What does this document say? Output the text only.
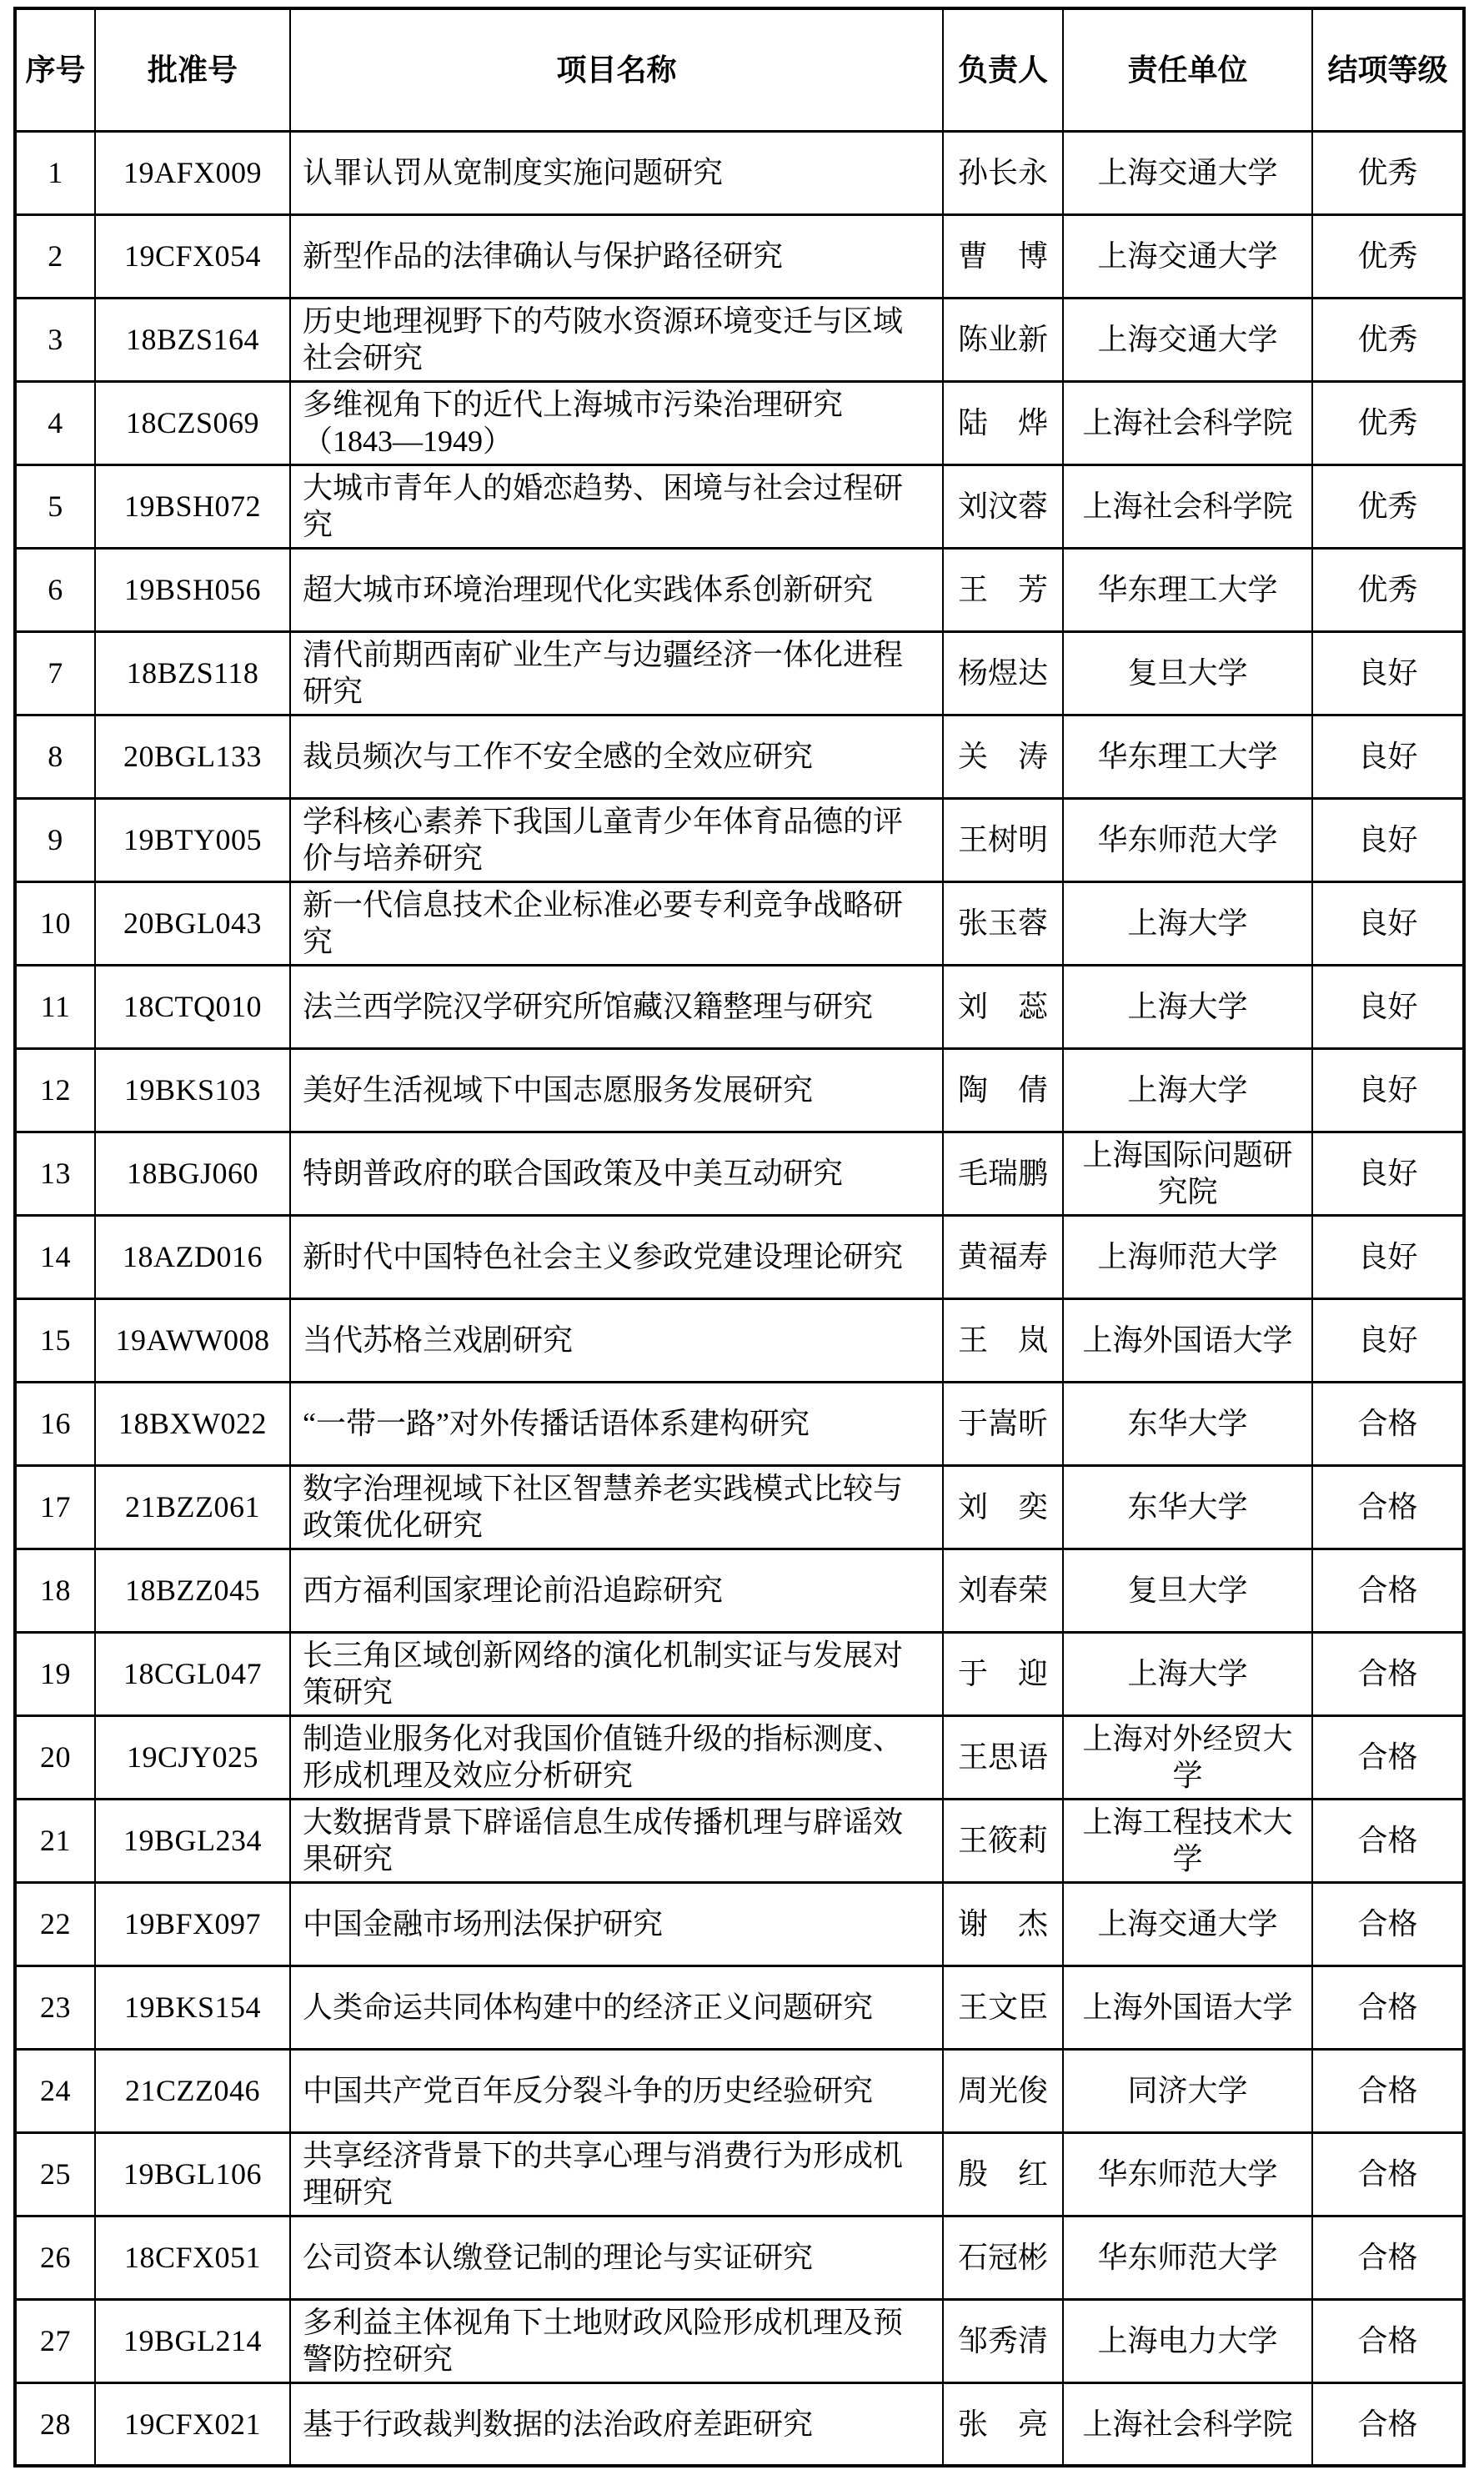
序号	批准号	项目名称	负责人	责任单位	结项等级
1	19AFX009	认罪认罚从宽制度实施问题研究	孙长永	上海交通大学	优秀
2	19CFX054	新型作品的法律确认与保护路径研究	曹　博	上海交通大学	优秀
3	18BZS164	历史地理视野下的芍陂水资源环境变迁与区域社会研究	陈业新	上海交通大学	优秀
4	18CZS069	多维视角下的近代上海城市污染治理研究（1843—1949）	陆　烨	上海社会科学院	优秀
5	19BSH072	大城市青年人的婚恋趋势、困境与社会过程研究	刘汶蓉	上海社会科学院	优秀
6	19BSH056	超大城市环境治理现代化实践体系创新研究	王　芳	华东理工大学	优秀
7	18BZS118	清代前期西南矿业生产与边疆经济一体化进程研究	杨煜达	复旦大学	良好
8	20BGL133	裁员频次与工作不安全感的全效应研究	关　涛	华东理工大学	良好
9	19BTY005	学科核心素养下我国儿童青少年体育品德的评价与培养研究	王树明	华东师范大学	良好
10	20BGL043	新一代信息技术企业标准必要专利竞争战略研究	张玉蓉	上海大学	良好
11	18CTQ010	法兰西学院汉学研究所馆藏汉籍整理与研究	刘　蕊	上海大学	良好
12	19BKS103	美好生活视域下中国志愿服务发展研究	陶　倩	上海大学	良好
13	18BGJ060	特朗普政府的联合国政策及中美互动研究	毛瑞鹏	上海国际问题研究院	良好
14	18AZD016	新时代中国特色社会主义参政党建设理论研究	黄福寿	上海师范大学	良好
15	19AWW008	当代苏格兰戏剧研究	王　岚	上海外国语大学	良好
16	18BXW022	“一带一路”对外传播话语体系建构研究	于嵩昕	东华大学	合格
17	21BZZ061	数字治理视域下社区智慧养老实践模式比较与政策优化研究	刘　奕	东华大学	合格
18	18BZZ045	西方福利国家理论前沿追踪研究	刘春荣	复旦大学	合格
19	18CGL047	长三角区域创新网络的演化机制实证与发展对策研究	于　迎	上海大学	合格
20	19CJY025	制造业服务化对我国价值链升级的指标测度、形成机理及效应分析研究	王思语	上海对外经贸大学	合格
21	19BGL234	大数据背景下辟谣信息生成传播机理与辟谣效果研究	王筱莉	上海工程技术大学	合格
22	19BFX097	中国金融市场刑法保护研究	谢　杰	上海交通大学	合格
23	19BKS154	人类命运共同体构建中的经济正义问题研究	王文臣	上海外国语大学	合格
24	21CZZ046	中国共产党百年反分裂斗争的历史经验研究	周光俊	同济大学	合格
25	19BGL106	共享经济背景下的共享心理与消费行为形成机理研究	殷　红	华东师范大学	合格
26	18CFX051	公司资本认缴登记制的理论与实证研究	石冠彬	华东师范大学	合格
27	19BGL214	多利益主体视角下土地财政风险形成机理及预警防控研究	邹秀清	上海电力大学	合格
28	19CFX021	基于行政裁判数据的法治政府差距研究	张　亮	上海社会科学院	合格
